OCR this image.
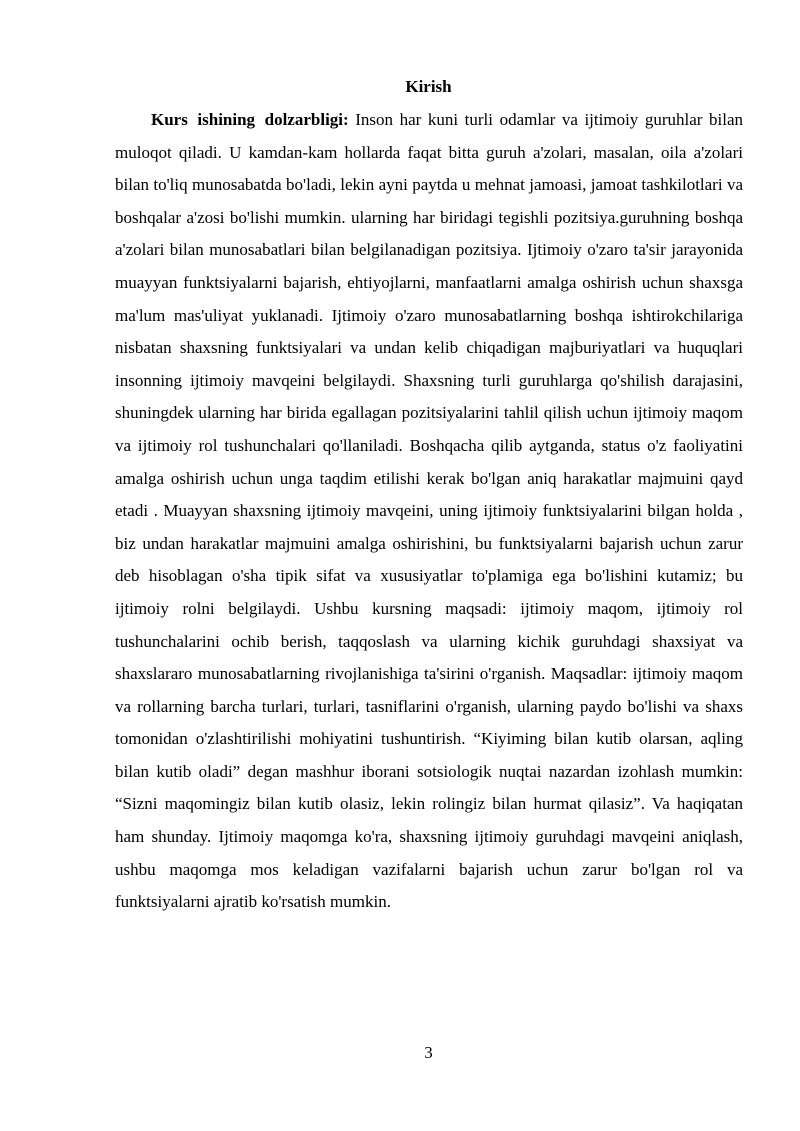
Kirish

Kurs ishining dolzarbligi: Inson har kuni turli odamlar va ijtimoiy guruhlar bilan muloqot qiladi. U kamdan-kam hollarda faqat bitta guruh a'zolari, masalan, oila a'zolari bilan to'liq munosabatda bo'ladi, lekin ayni paytda u mehnat jamoasi, jamoat tashkilotlari va boshqalar a'zosi bo'lishi mumkin. ularning har biridagi tegishli pozitsiya.guruhning boshqa a'zolari bilan munosabatlari bilan belgilanadigan pozitsiya. Ijtimoiy o'zaro ta'sir jarayonida muayyan funktsiyalarni bajarish, ehtiyojlarni, manfaatlarni amalga oshirish uchun shaxsga ma'lum mas'uliyat yuklanadi. Ijtimoiy o'zaro munosabatlarning boshqa ishtirokchilariga nisbatan shaxsning funktsiyalari va undan kelib chiqadigan majburiyatlari va huquqlari insonning ijtimoiy mavqeini belgilaydi. Shaxsning turli guruhlarga qo'shilish darajasini, shuningdek ularning har birida egallagan pozitsiyalarini tahlil qilish uchun ijtimoiy maqom va ijtimoiy rol tushunchalari qo'llaniladi. Boshqacha qilib aytganda, status o'z faoliyatini amalga oshirish uchun unga taqdim etilishi kerak bo'lgan aniq harakatlar majmuini qayd etadi . Muayyan shaxsning ijtimoiy mavqeini, uning ijtimoiy funktsiyalarini bilgan holda , biz undan harakatlar majmuini amalga oshirishini, bu funktsiyalarni bajarish uchun zarur deb hisoblagan o'sha tipik sifat va xususiyatlar to'plamiga ega bo'lishini kutamiz; bu ijtimoiy rolni belgilaydi. Ushbu kursning maqsadi: ijtimoiy maqom, ijtimoiy rol tushunchalarini ochib berish, taqqoslash va ularning kichik guruhdagi shaxsiyat va shaxslararo munosabatlarning rivojlanishiga ta'sirini o'rganish. Maqsadlar: ijtimoiy maqom va rollarning barcha turlari, turlari, tasniflarini o'rganish, ularning paydo bo'lishi va shaxs tomonidan o'zlashtirilishi mohiyatini tushuntirish. “Kiyiming bilan kutib olarsan, aqling bilan kutib oladi” degan mashhur iborani sotsiologik nuqtai nazardan izohlash mumkin: “Sizni maqomingiz bilan kutib olasiz, lekin rolingiz bilan hurmat qilasiz”. Va haqiqatan ham shunday. Ijtimoiy maqomga ko'ra, shaxsning ijtimoiy guruhdagi mavqeini aniqlash, ushbu maqomga mos keladigan vazifalarni bajarish uchun zarur bo'lgan rol va funktsiyalarni ajratib ko'rsatish mumkin.

3
